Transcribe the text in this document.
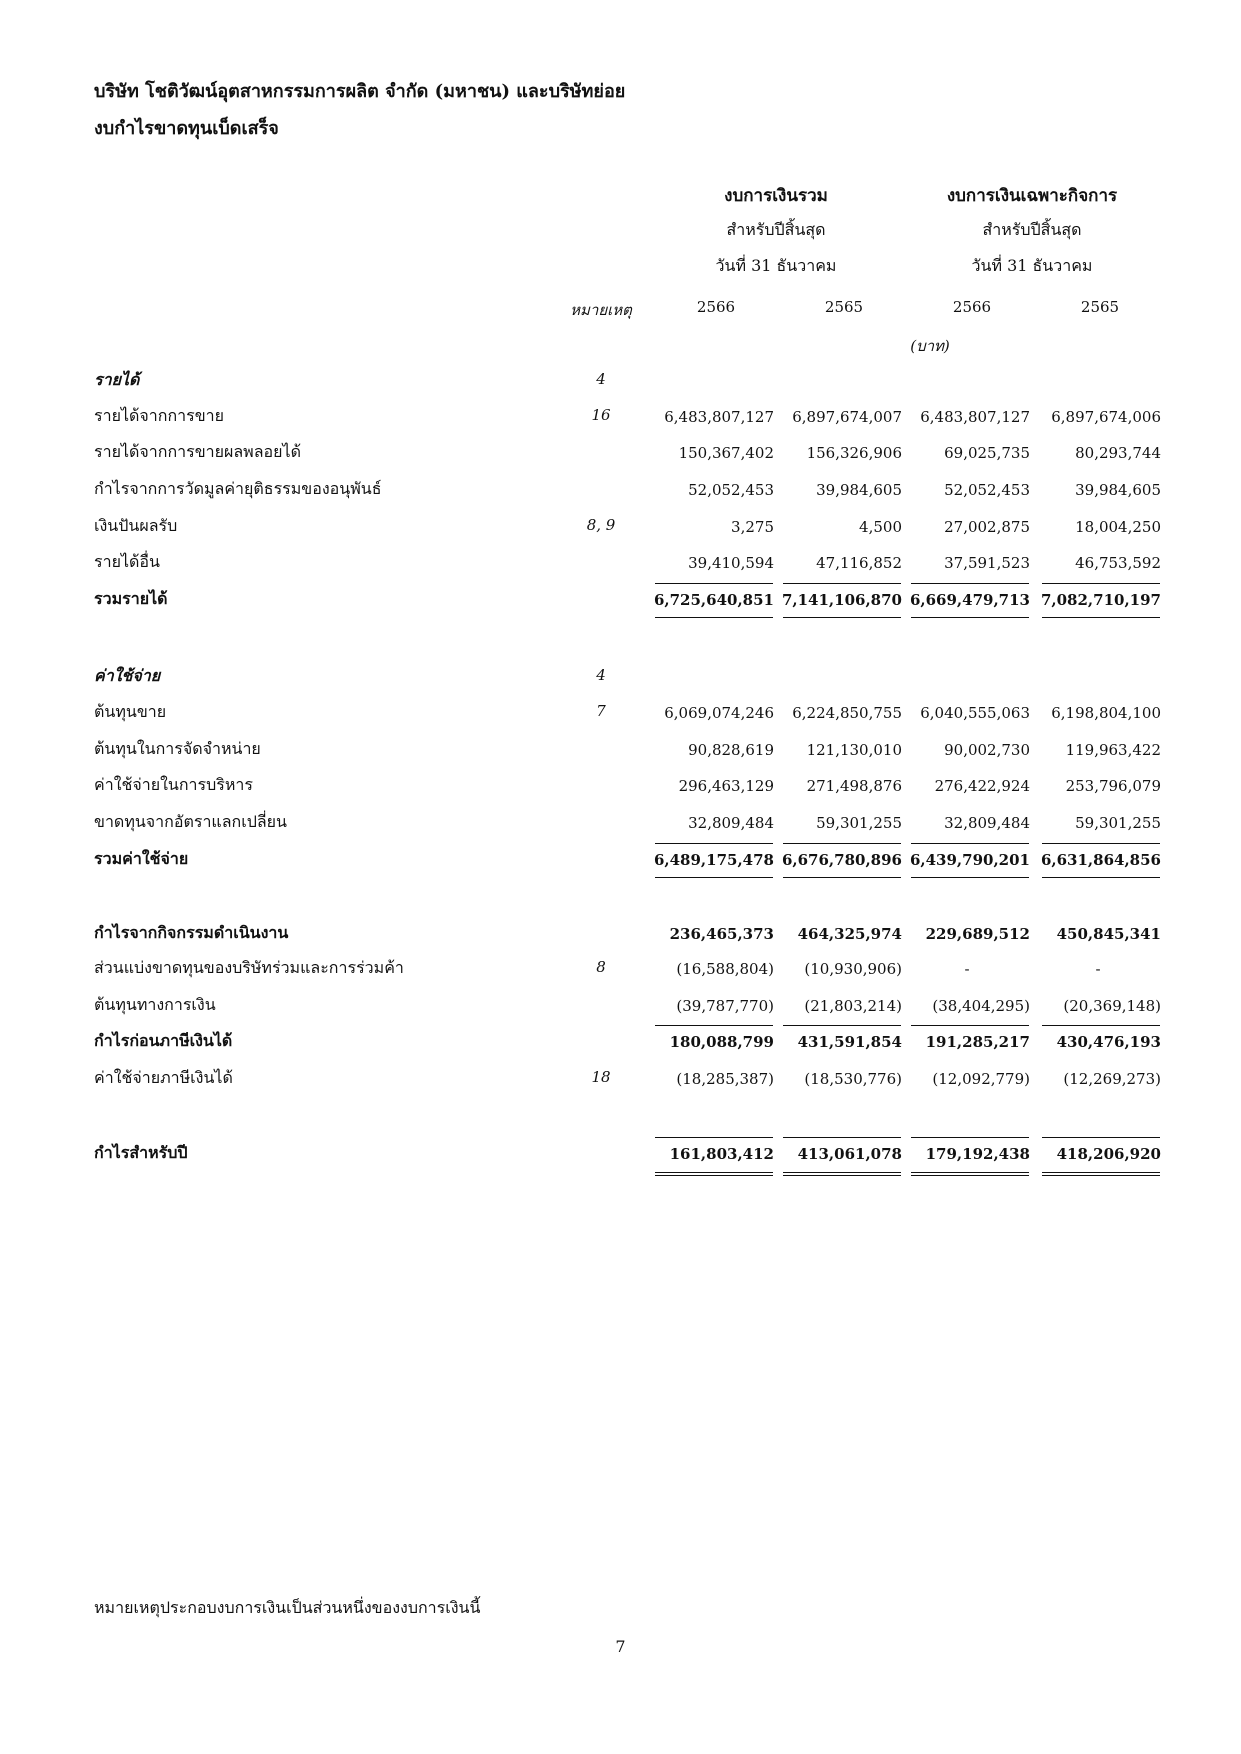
บริษัท โชติวัฒน์อุตสาหกรรมการผลิต จำกัด (มหาชน) และบริษัทย่อย
งบกำไรขาดทุนเบ็ดเสร็จ
งบการเงินรวม
สำหรับปีสิ้นสุด
วันที่ 31 ธันวาคม
งบการเงินเฉพาะกิจการ
สำหรับปีสิ้นสุด
วันที่ 31 ธันวาคม
หมายเหตุ	2566	2565	2566	2565
(บาท)
รายได้	4
รายได้จากการขาย	16	6,483,807,127	6,897,674,007	6,483,807,127	6,897,674,006
รายได้จากการขายผลพลอยได้	150,367,402	156,326,906	69,025,735	80,293,744
กำไรจากการวัดมูลค่ายุติธรรมของอนุพันธ์	52,052,453	39,984,605	52,052,453	39,984,605
เงินปันผลรับ	8, 9	3,275	4,500	27,002,875	18,004,250
รายได้อื่น	39,410,594	47,116,852	37,591,523	46,753,592
รวมรายได้	6,725,640,851 7,141,106,870 6,669,479,713 7,082,710,197
ค่าใช้จ่าย	4
ต้นทุนขาย	7	6,069,074,246	6,224,850,755	6,040,555,063	6,198,804,100
ต้นทุนในการจัดจำหน่าย	90,828,619	121,130,010	90,002,730	119,963,422
ค่าใช้จ่ายในการบริหาร	296,463,129	271,498,876	276,422,924	253,796,079
ขาดทุนจากอัตราแลกเปลี่ยน	32,809,484	59,301,255	32,809,484	59,301,255
รวมค่าใช้จ่าย	6,489,175,478 6,676,780,896 6,439,790,201 6,631,864,856
กำไรจากกิจกรรมดำเนินงาน	236,465,373	464,325,974	229,689,512	450,845,341
ส่วนแบ่งขาดทุนของบริษัทร่วมและการร่วมค้า	8	(16,588,804)	(10,930,906)	-	-
ต้นทุนทางการเงิน	(39,787,770)	(21,803,214)	(38,404,295)	(20,369,148)
กำไรก่อนภาษีเงินได้	180,088,799	431,591,854	191,285,217	430,476,193
ค่าใช้จ่ายภาษีเงินได้	18	(18,285,387)	(18,530,776)	(12,092,779)	(12,269,273)
กำไรสำหรับปี	161,803,412	413,061,078	179,192,438	418,206,920
หมายเหตุประกอบงบการเงินเป็นส่วนหนึ่งของงบการเงินนี้
7
